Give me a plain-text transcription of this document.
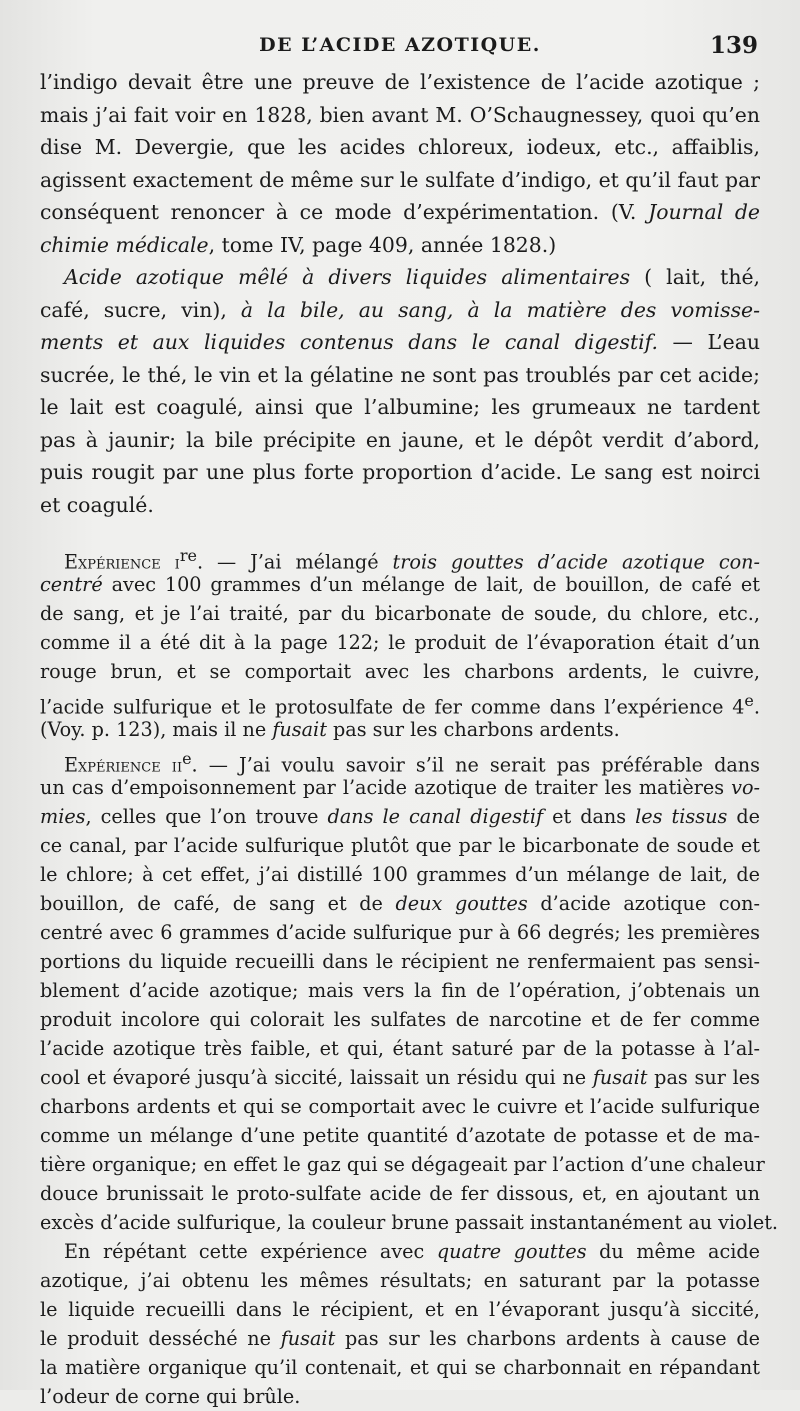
DE L’ACIDE AZOTIQUE.	139
l’indigo devait être une preuve de l’existence de l’acide azotique ;
mais j’ai fait voir en 1828, bien avant M. O’Schaugnessey, quoi qu’en
dise M. Devergie, que les acides chloreux, iodeux, etc., affaiblis,
agissent exactement de même sur le sulfate d’indigo, et qu’il faut par
conséquent renoncer à ce mode d’expérimentation. (V. Journal de
chimie médicale, tome IV, page 409, année 1828.)
Acide azotique mêlé à divers liquides alimentaires ( lait, thé,
café, sucre, vin), à la bile, au sang, à la matière des vomisse-
ments et aux liquides contenus dans le canal digestif. — L’eau
sucrée, le thé, le vin et la gélatine ne sont pas troublés par cet acide;
le lait est coagulé, ainsi que l’albumine; les grumeaux ne tardent
pas à jaunir; la bile précipite en jaune, et le dépôt verdit d’abord,
puis rougit par une plus forte proportion d’acide. Le sang est noirci
et coagulé.
Expérience $i^{re}$. — J’ai mélangé trois gouttes d’acide azotique con-
centré avec 100 grammes d’un mélange de lait, de bouillon, de café et
de sang, et je l’ai traité, par du bicarbonate de soude, du chlore, etc.,
comme il a été dit à la page 122; le produit de l’évaporation était d’un
rouge brun, et se comportait avec les charbons ardents, le cuivre,
l’acide sulfurique et le protosulfate de fer comme dans l’expérience 4e.
(Voy. p. 123), mais il ne fusait pas sur les charbons ardents.
Expérience $ii^e$. — J’ai voulu savoir s’il ne serait pas préférable dans
un cas d’empoisonnement par l’acide azotique de traiter les matières vo-
mies, celles que l’on trouve dans le canal digestif et dans les tissus de
ce canal, par l’acide sulfurique plutôt que par le bicarbonate de soude et
le chlore; à cet effet, j’ai distillé 100 grammes d’un mélange de lait, de
bouillon, de café, de sang et de deux gouttes d’acide azotique con-
centré avec 6 grammes d’acide sulfurique pur à 66 degrés; les premières
portions du liquide recueilli dans le récipient ne renfermaient pas sensi-
blement d’acide azotique; mais vers la fin de l’opération, j’obtenais un
produit incolore qui colorait les sulfates de narcotine et de fer comme
l’acide azotique très faible, et qui, étant saturé par de la potasse à l’al-
cool et évaporé jusqu’à siccité, laissait un résidu qui ne fusait pas sur les
charbons ardents et qui se comportait avec le cuivre et l’acide sulfurique
comme un mélange d’une petite quantité d’azotate de potasse et de ma-
tière organique; en effet le gaz qui se dégageait par l’action d’une chaleur
douce brunissait le proto-sulfate acide de fer dissous, et, en ajoutant un
excès d’acide sulfurique, la couleur brune passait instantanément au violet.
En répétant cette expérience avec quatre gouttes du même acide
azotique, j’ai obtenu les mêmes résultats; en saturant par la potasse
le liquide recueilli dans le récipient, et en l’évaporant jusqu’à siccité,
le produit desséché ne fusait pas sur les charbons ardents à cause de
la matière organique qu’il contenait, et qui se charbonnait en répandant
l’odeur de corne qui brûle.
